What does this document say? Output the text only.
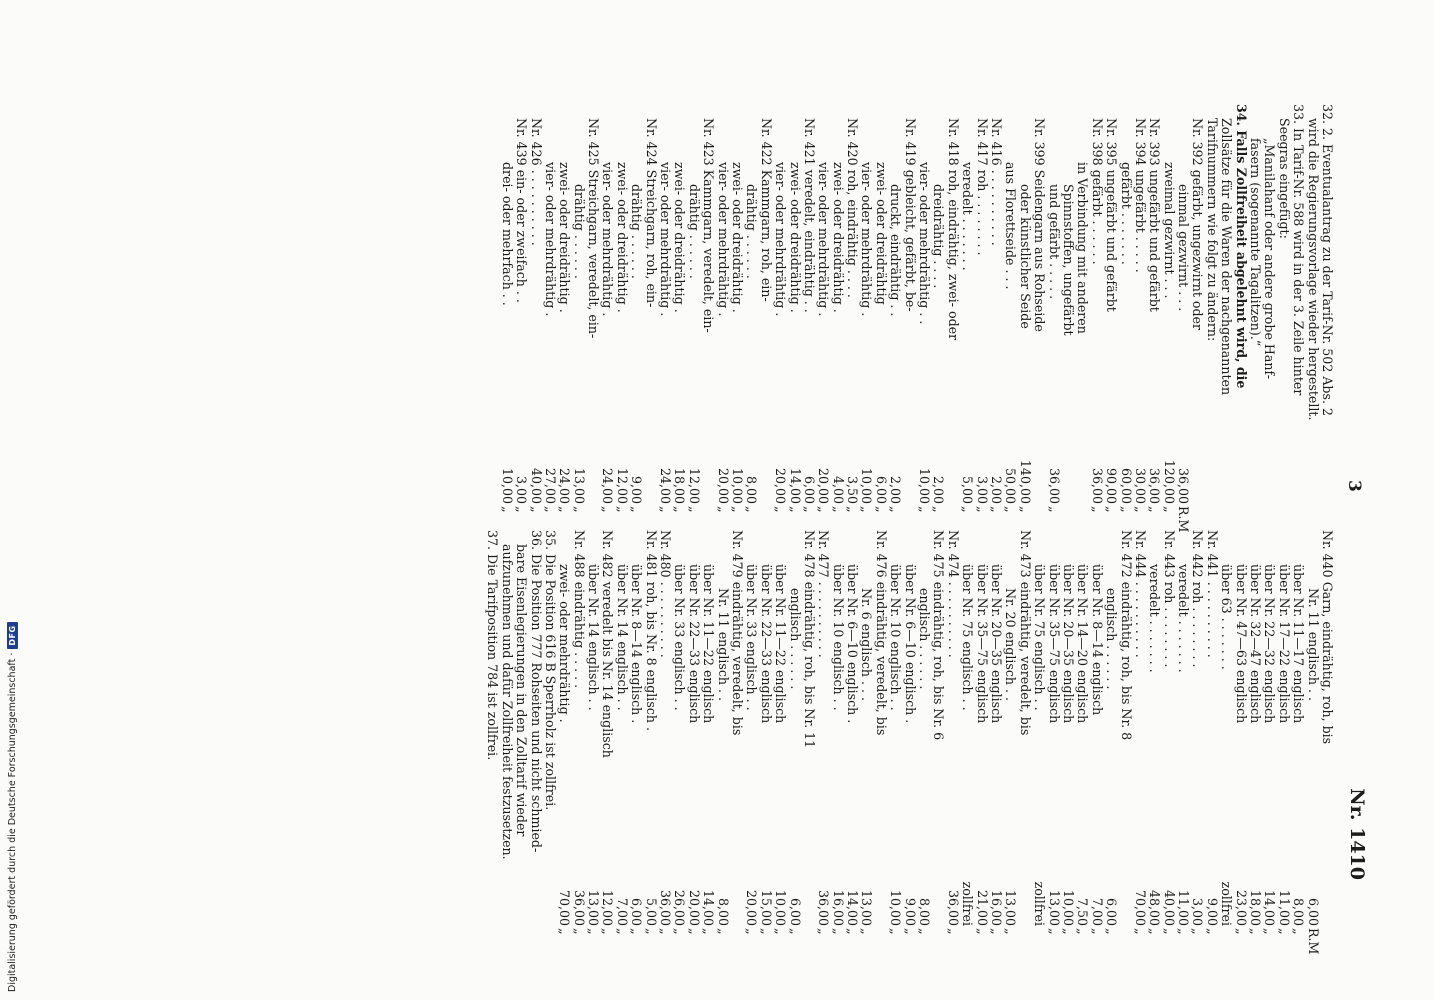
3
Nr. 1410
32. 2. Eventualantrag zu der Tarif-Nr. 502 Abs. 2
wird die Regierungsvorlage wieder hergestellt.
33. In Tarif-Nr. 588 wird in der 3. Zeile hinter
Seegras eingefügt:
„Manilahanf oder andere grobe Hanf-
fasern (sogenannte Tagalitzen).“
34. Falls Zollfreiheit abgelehnt wird, die
Zollsätze für die Waren der nachgenannten
Tarifnummern wie folgt zu ändern:
Nr. 392 gefärbt, ungezwirnt oder
einmal gezwirnt . . .
36,00
R.M
zweimal gezwirnt . . .
120,00
„
Nr. 393 ungefärbt und gefärbt
36,00
„
Nr. 394 ungefärbt . . . . .
30,00
„
gefärbt . . . . . . .
60,00
„
Nr. 395 ungefärbt und gefärbt
90,00
„
Nr. 398 gefärbt . . . . . .
36,00
„
in Verbindung mit anderen
Spinnstoffen, ungefärbt
und gefärbt . . . . .
36,00
„
Nr. 399 Seidengarn aus Rohseide
oder künstlicher Seide
140,00
„
aus Florettseide . . .
50,00
„
Nr. 416 . . . . . . . . . .
2,00
„
Nr. 417 roh . . . . . . . .
3,00
„
veredelt . . . . . . .
5,00
„
Nr. 418 roh, eindrähtig, zwei- oder
dreidrähtig . . . .
2,00
„
vier- oder mehrdrähtig . .
10,00
„
Nr. 419 gebleicht, gefärbt, be-
druckt, eindrähtig . .
2,00
„
zwei- oder dreidrähtig
6,00
„
vier- oder mehrdrähtig .
10,00
„
Nr. 420 roh, eindrähtig . . . .
3,50
„
zwei- oder dreidrähtig .
4,00
„
vier- oder mehrdrähtig .
20,00
„
Nr. 421 veredelt, eindrähtig . .
6,00
„
zwei- oder dreidrähtig .
14,00
„
vier- oder mehrdrähtig .
20,00
„
Nr. 422 Kammgarn, roh, ein-
drähtig . . . . . .
8,00
„
zwei- oder dreidrähtig .
10,00
„
vier- oder mehrdrähtig .
20,00
„
Nr. 423 Kammgarn, veredelt, ein-
drähtig . . . . . .
12,00
„
zwei- oder dreidrähtig .
18,00
„
vier- oder mehrdrähtig .
24,00
„
Nr. 424 Streichgarn, roh, ein-
drähtig . . . . . .
9,00
„
zwei- oder dreidrähtig .
12,00
„
vier- oder mehrdrähtig .
24,00
„
Nr. 425 Streichgarn, veredelt, ein-
drähtig . . . . . .
13,00
„
zwei- oder dreidrähtig .
24,00
„
vier- oder mehrdrähtig .
27,00
„
Nr. 426 . . . . . . . . . .
40,00
„
Nr. 439 ein- oder zweifach . .
3,00
„
drei- oder mehrfach . .
10,00
„
Nr. 440 Garn, eindrähtig, roh, bis
Nr. 11 englisch . .
6,00
R.M
über Nr. 11—17 englisch
8,00
„
über Nr. 17—22 englisch
11,00
„
über Nr. 22—32 englisch
14,00
„
über Nr. 32—47 englisch
18,00
„
über Nr. 47—63 englisch
23,00
„
über 63 . . . . . . .
zollfrei
Nr. 441 . . . . . . . . . .
9,00
„
Nr. 442 roh . . . . . . . .
3,00
„
veredelt . . . . . . .
11,00
„
Nr. 443 roh . . . . . . . .
40,00
„
veredelt . . . . . . .
48,00
„
Nr. 444 . . . . . . . . . .
70,00
„
Nr. 472 eindrähtig, roh, bis Nr. 8
englisch . . . . . .
6,00
„
über Nr. 8—14 englisch
7,00
„
über Nr. 14—20 englisch
7,50
„
über Nr. 20—35 englisch
10,00
„
über Nr. 35—75 englisch
13,00
„
über Nr. 75 englisch . .
zollfrei
Nr. 473 eindrähtig, veredelt, bis
Nr. 20 englisch . .
13,00
„
über Nr. 20—35 englisch
16,00
„
über Nr. 35—75 englisch
21,00
„
über Nr. 75 englisch . .
zollfrei
Nr. 474 . . . . . . . . . .
36,00
„
Nr. 475 eindrähtig, roh, bis Nr. 6
englisch . . . . . .
8,00
„
über Nr. 6—10 englisch .
9,00
„
über Nr. 10 englisch . .
10,00
„
Nr. 476 eindrähtig, veredelt, bis
Nr. 6 englisch . . .
13,00
„
über Nr. 6—10 englisch .
14,00
„
über Nr. 10 englisch . .
16,00
„
Nr. 477 . . . . . . . . . .
36,00
„
Nr. 478 eindrähtig, roh, bis Nr. 11
englisch . . . . . .
6,00
„
über Nr. 11—22 englisch
10,00
„
über Nr. 22—33 englisch
15,00
„
über Nr. 33 englisch . .
20,00
„
Nr. 479 eindrähtig, veredelt, bis
Nr. 11 englisch . .
8,00
„
über Nr. 11—22 englisch
14,00
„
über Nr. 22—33 englisch
20,00
„
über Nr. 33 englisch . .
26,00
„
Nr. 480 . . . . . . . . . .
36,00
„
Nr. 481 roh, bis Nr. 8 englisch .
5,00
„
über Nr. 8—14 englisch .
6,00
„
über Nr. 14 englisch . .
7,00
„
Nr. 482 veredelt bis Nr. 14 englisch
12,00
„
über Nr. 14 englisch . .
13,00
„
Nr. 488 eindrähtig . . . . .
36,00
„
zwei- oder mehrdrähtig .
70,00
„
35. Die Position 616 B Sperrholz ist zollfrei.
36. Die Position 777 Rohseiten und nicht schmied-
bare Eisenlegierungen in den Zolltarif wieder
aufzunehmen und dafür Zollfreiheit festzusetzen.
37. Die Tarifposition 784 ist zollfrei.
Digitalisierung gefördert durch die Deutsche Forschungsgemeinschaft ·
DFG
